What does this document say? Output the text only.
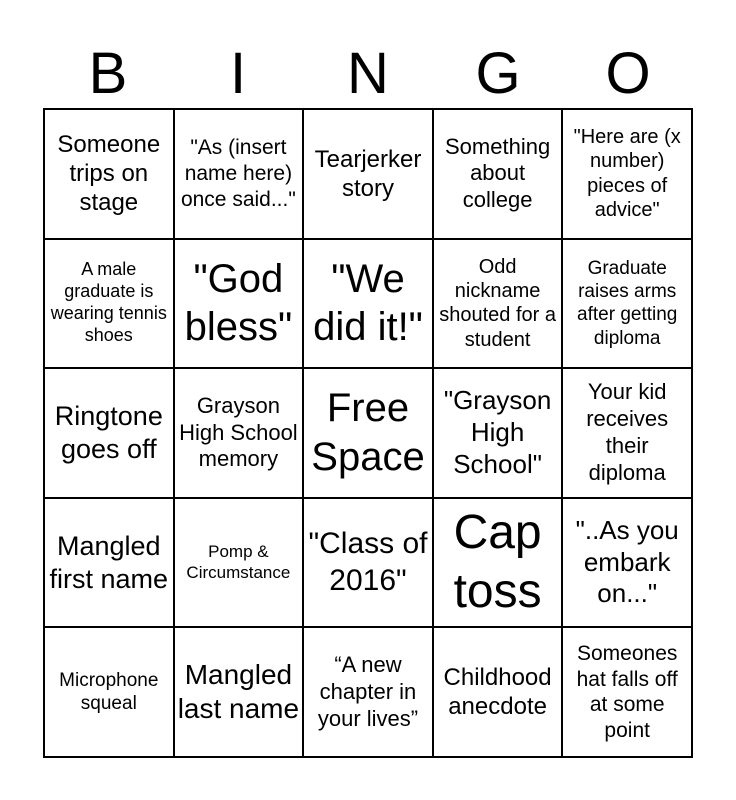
B	I	N	G	O
Someone trips on stage
"As (insert name here) once said..."
Tearjerker story
Something about college
"Here are (x number) pieces of advice"
A male graduate is wearing tennis shoes
"God bless"
"We did it!"
Odd nickname shouted for a student
Graduate raises arms after getting diploma
Ringtone goes off
Grayson High School memory
Free Space
"Grayson High School"
Your kid receives their diploma
Mangled first name
Pomp & Circumstance
"Class of 2016"
Cap toss
"..As you embark on..."
Microphone squeal
Mangled last name
“A new chapter in your lives”
Childhood anecdote
Someones hat falls off at some point
